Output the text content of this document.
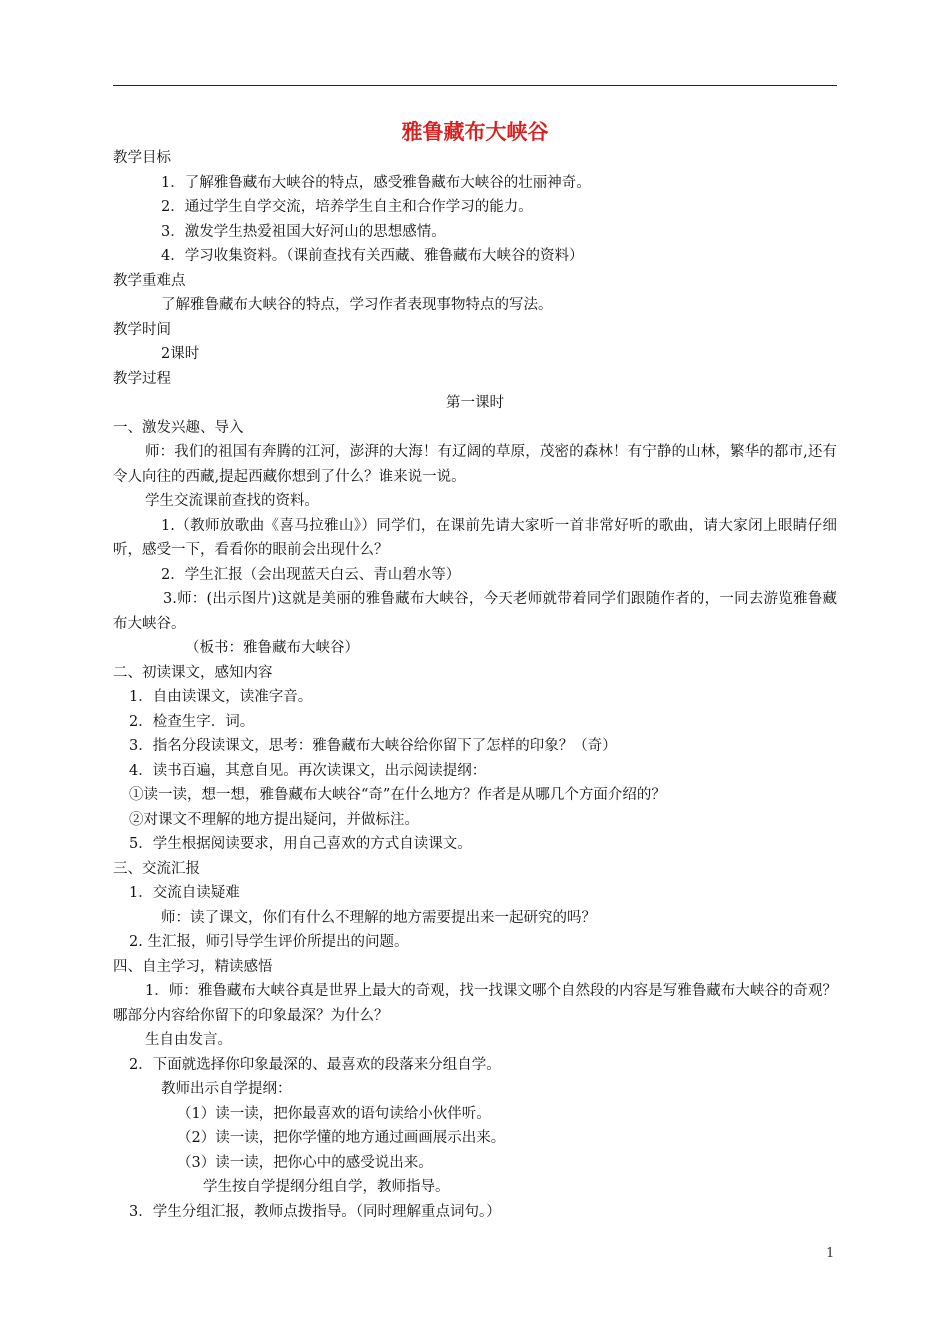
雅鲁藏布大峡谷

教学目标

1．了解雅鲁藏布大峡谷的特点，感受雅鲁藏布大峡谷的壮丽神奇。

2．通过学生自学交流，培养学生自主和合作学习的能力。

3．激发学生热爱祖国大好河山的思想感情。

4．学习收集资料。（课前查找有关西藏、雅鲁藏布大峡谷的资料）

教学重难点

了解雅鲁藏布大峡谷的特点，学习作者表现事物特点的写法。

教学时间

2课时

教学过程

第一课时

一、激发兴趣、导入

师：我们的祖国有奔腾的江河，澎湃的大海！有辽阔的草原，茂密的森林！有宁静的山林，繁华的都市,还有令人向往的西藏,提起西藏你想到了什么？谁来说一说。

学生交流课前查找的资料。

1.（教师放歌曲《喜马拉雅山》）同学们，在课前先请大家听一首非常好听的歌曲，请大家闭上眼睛仔细听，感受一下，看看你的眼前会出现什么？

2．学生汇报（会出现蓝天白云、青山碧水等）

3.师：(出示图片)这就是美丽的雅鲁藏布大峡谷，今天老师就带着同学们跟随作者的，一同去游览雅鲁藏布大峡谷。

（板书：雅鲁藏布大峡谷）

二、初读课文，感知内容

1．自由读课文，读准字音。

2．检查生字．词。

3．指名分段读课文，思考：雅鲁藏布大峡谷给你留下了怎样的印象？（奇）

4．读书百遍，其意自见。再次读课文，出示阅读提纲：

①读一读，想一想，雅鲁藏布大峡谷“奇”在什么地方？作者是从哪几个方面介绍的？

②对课文不理解的地方提出疑问，并做标注。

5．学生根据阅读要求，用自己喜欢的方式自读课文。

三、交流汇报

1．交流自读疑难

师：读了课文，你们有什么不理解的地方需要提出来一起研究的吗？

2. 生汇报，师引导学生评价所提出的问题。

四、自主学习，精读感悟

1．师：雅鲁藏布大峡谷真是世界上最大的奇观，找一找课文哪个自然段的内容是写雅鲁藏布大峡谷的奇观？哪部分内容给你留下的印象最深？为什么？

生自由发言。

2．下面就选择你印象最深的、最喜欢的段落来分组自学。

教师出示自学提纲：

（1）读一读，把你最喜欢的语句读给小伙伴听。

（2）读一读，把你学懂的地方通过画画展示出来。

（3）读一读，把你心中的感受说出来。

学生按自学提纲分组自学，教师指导。

3．学生分组汇报，教师点拨指导。（同时理解重点词句。）

1
